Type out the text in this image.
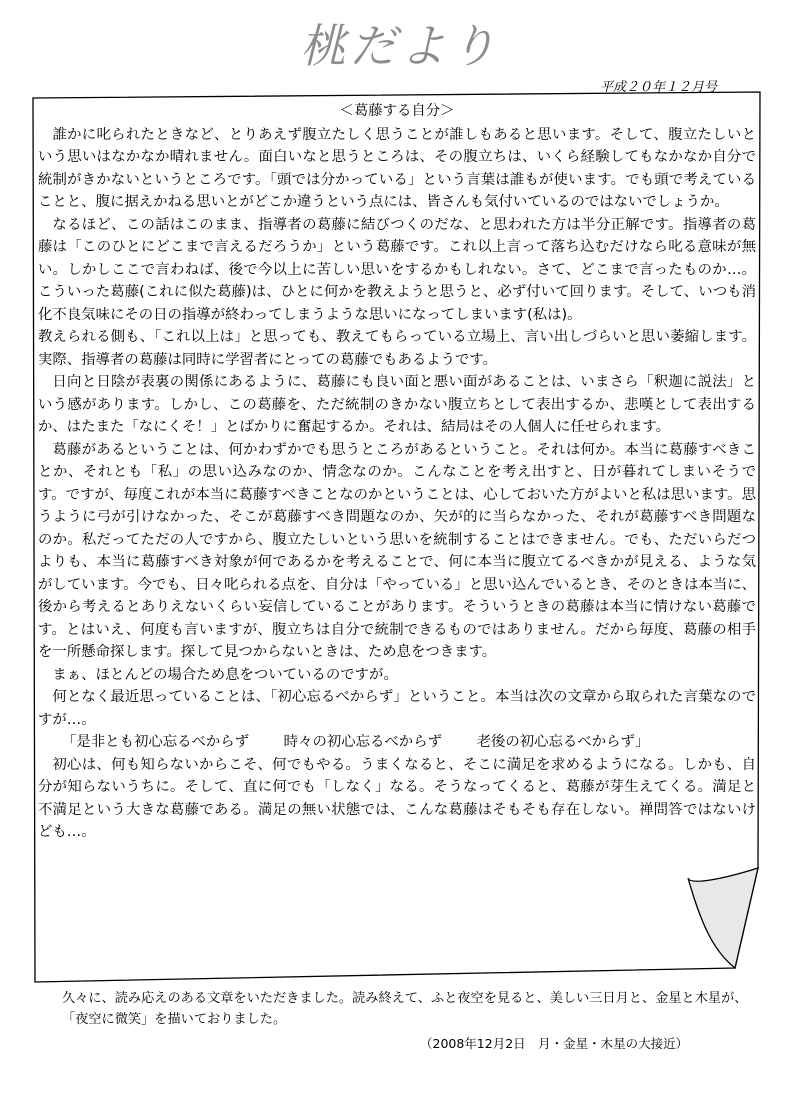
桃だより
平成２０年１２月号
＜葛藤する自分＞

誰かに叱られたときなど、とりあえず腹立たしく思うことが誰しもあると思います。そして、腹立たしいという思いはなかなか晴れません。面白いなと思うところは、その腹立ちは、いくら経験してもなかなか自分で統制がきかないというところです。「頭では分かっている」という言葉は誰もが使います。でも頭で考えていることと、腹に据えかねる思いとがどこか違うという点には、皆さんも気付いているのではないでしょうか。

なるほど、この話はこのまま、指導者の葛藤に結びつくのだな、と思われた方は半分正解です。指導者の葛藤は「このひとにどこまで言えるだろうか」という葛藤です。これ以上言って落ち込むだけなら叱る意味が無い。しかしここで言わねば、後で今以上に苦しい思いをするかもしれない。さて、どこまで言ったものか…。こういった葛藤(これに似た葛藤)は、ひとに何かを教えようと思うと、必ず付いて回ります。そして、いつも消化不良気味にその日の指導が終わってしまうような思いになってしまいます(私は)。

教えられる側も、「これ以上は」と思っても、教えてもらっている立場上、言い出しづらいと思い萎縮します。実際、指導者の葛藤は同時に学習者にとっての葛藤でもあるようです。

日向と日陰が表裏の関係にあるように、葛藤にも良い面と悪い面があることは、いまさら「釈迦に説法」という感があります。しかし、この葛藤を、ただ統制のきかない腹立ちとして表出するか、悲嘆として表出するか、はたまた「なにくそ！」とばかりに奮起するか。それは、結局はその人個人に任せられます。

葛藤があるということは、何かわずかでも思うところがあるということ。それは何か。本当に葛藤すべきことか、それとも「私」の思い込みなのか、情念なのか。こんなことを考え出すと、日が暮れてしまいそうです。ですが、毎度これが本当に葛藤すべきことなのかということは、心しておいた方がよいと私は思います。思うように弓が引けなかった、そこが葛藤すべき問題なのか、矢が的に当らなかった、それが葛藤すべき問題なのか。私だってただの人ですから、腹立たしいという思いを統制することはできません。でも、ただいらだつよりも、本当に葛藤すべき対象が何であるかを考えることで、何に本当に腹立てるべきかが見える、ような気がしています。今でも、日々叱られる点を、自分は「やっている」と思い込んでいるとき、そのときは本当に、後から考えるとありえないくらい妄信していることがあります。そういうときの葛藤は本当に情けない葛藤です。とはいえ、何度も言いますが、腹立ちは自分で統制できるものではありません。だから毎度、葛藤の相手を一所懸命探します。探して見つからないときは、ため息をつきます。

まぁ、ほとんどの場合ため息をついているのですが。

何となく最近思っていることは、「初心忘るべからず」ということ。本当は次の文章から取られた言葉なのですが…。

「是非とも初心忘るべからず 時々の初心忘るべからず 老後の初心忘るべからず」

初心は、何も知らないからこそ、何でもやる。うまくなると、そこに満足を求めるようになる。しかも、自分が知らないうちに。そして、直に何でも「しなく」なる。そうなってくると、葛藤が芽生えてくる。満足と不満足という大きな葛藤である。満足の無い状態では、こんな葛藤はそもそも存在しない。禅問答ではないけども…。

久々に、読み応えのある文章をいただきました。読み終えて、ふと夜空を見ると、美しい三日月と、金星と木星が、「夜空に微笑」を描いておりました。
（2008年12月2日　月・金星・木星の大接近）
